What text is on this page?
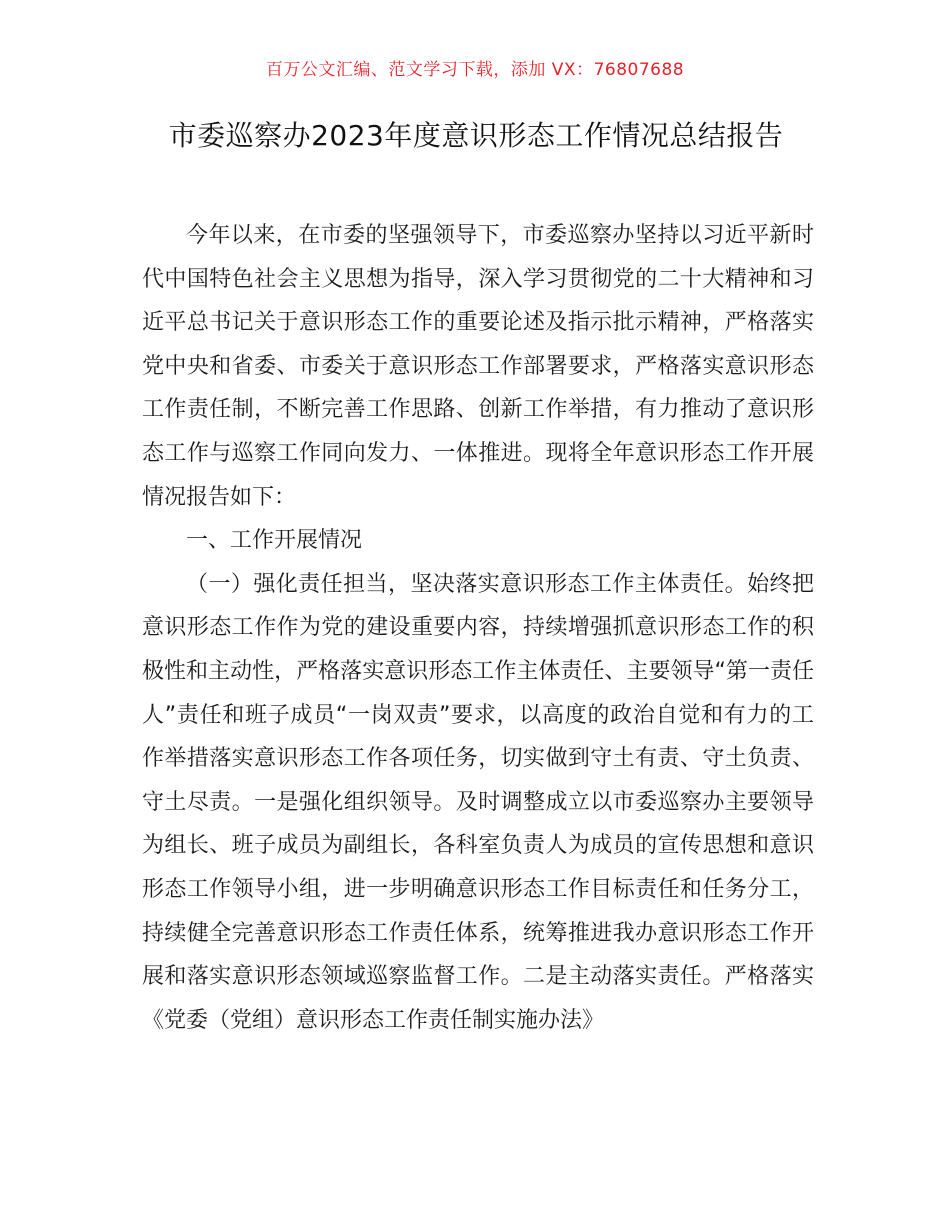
百万公文汇编、范文学习下载，添加 VX：76807688
市委巡察办2023年度意识形态工作情况总结报告

今年以来，在市委的坚强领导下，市委巡察办坚持以习近平新时代中国特色社会主义思想为指导，深入学习贯彻党的二十大精神和习近平总书记关于意识形态工作的重要论述及指示批示精神，严格落实党中央和省委、市委关于意识形态工作部署要求，严格落实意识形态工作责任制，不断完善工作思路、创新工作举措，有力推动了意识形态工作与巡察工作同向发力、一体推进。现将全年意识形态工作开展情况报告如下：

一、工作开展情况

（一）强化责任担当，坚决落实意识形态工作主体责任。始终把意识形态工作作为党的建设重要内容，持续增强抓意识形态工作的积极性和主动性，严格落实意识形态工作主体责任、主要领导“第一责任人”责任和班子成员“一岗双责”要求，以高度的政治自觉和有力的工作举措落实意识形态工作各项任务，切实做到守土有责、守土负责、守土尽责。一是强化组织领导。及时调整成立以市委巡察办主要领导为组长、班子成员为副组长，各科室负责人为成员的宣传思想和意识形态工作领导小组，进一步明确意识形态工作目标责任和任务分工，持续健全完善意识形态工作责任体系，统筹推进我办意识形态工作开展和落实意识形态领域巡察监督工作。二是主动落实责任。严格落实《党委（党组）意识形态工作责任制实施办法》
